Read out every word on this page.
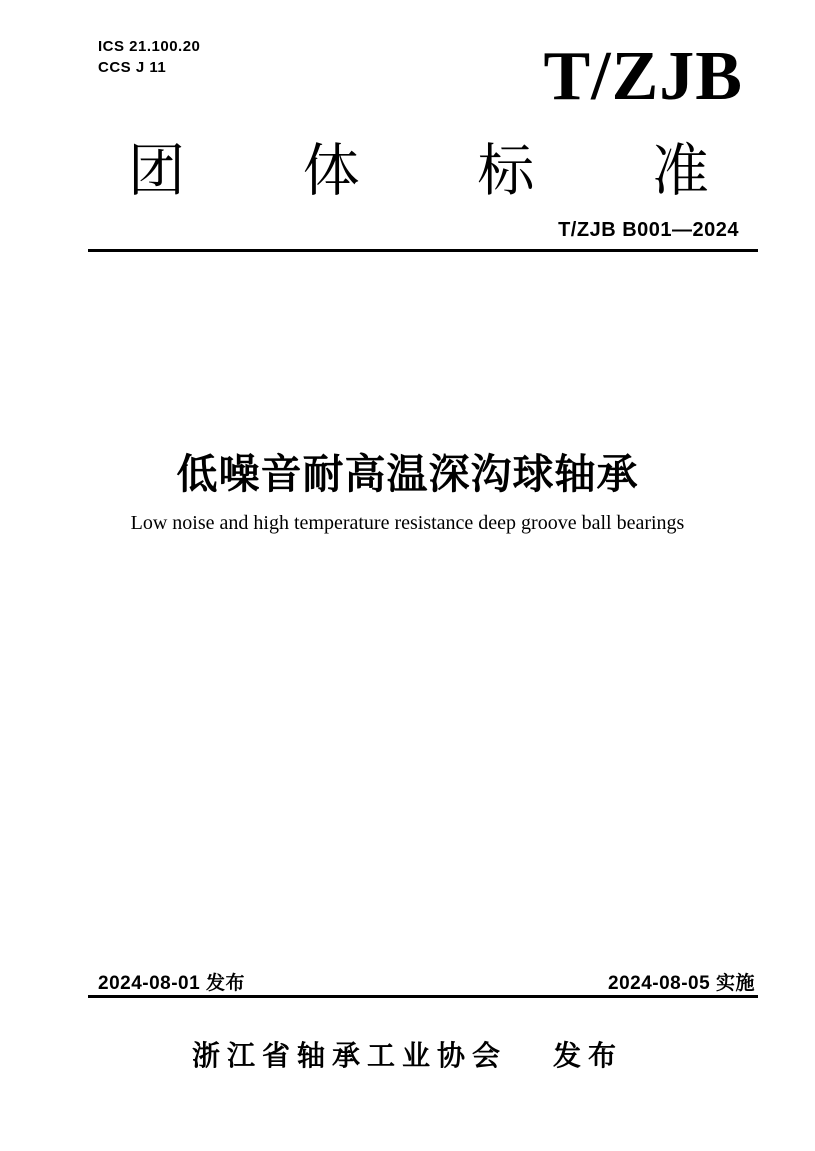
ICS 21.100.20
CCS J 11	T/ZJB
团 体 标 准
T/ZJB B001—2024
低噪音耐高温深沟球轴承
Low noise and high temperature resistance deep groove ball bearings
2024-08-01 发布	2024-08-05 实施
浙江省轴承工业协会 发布
